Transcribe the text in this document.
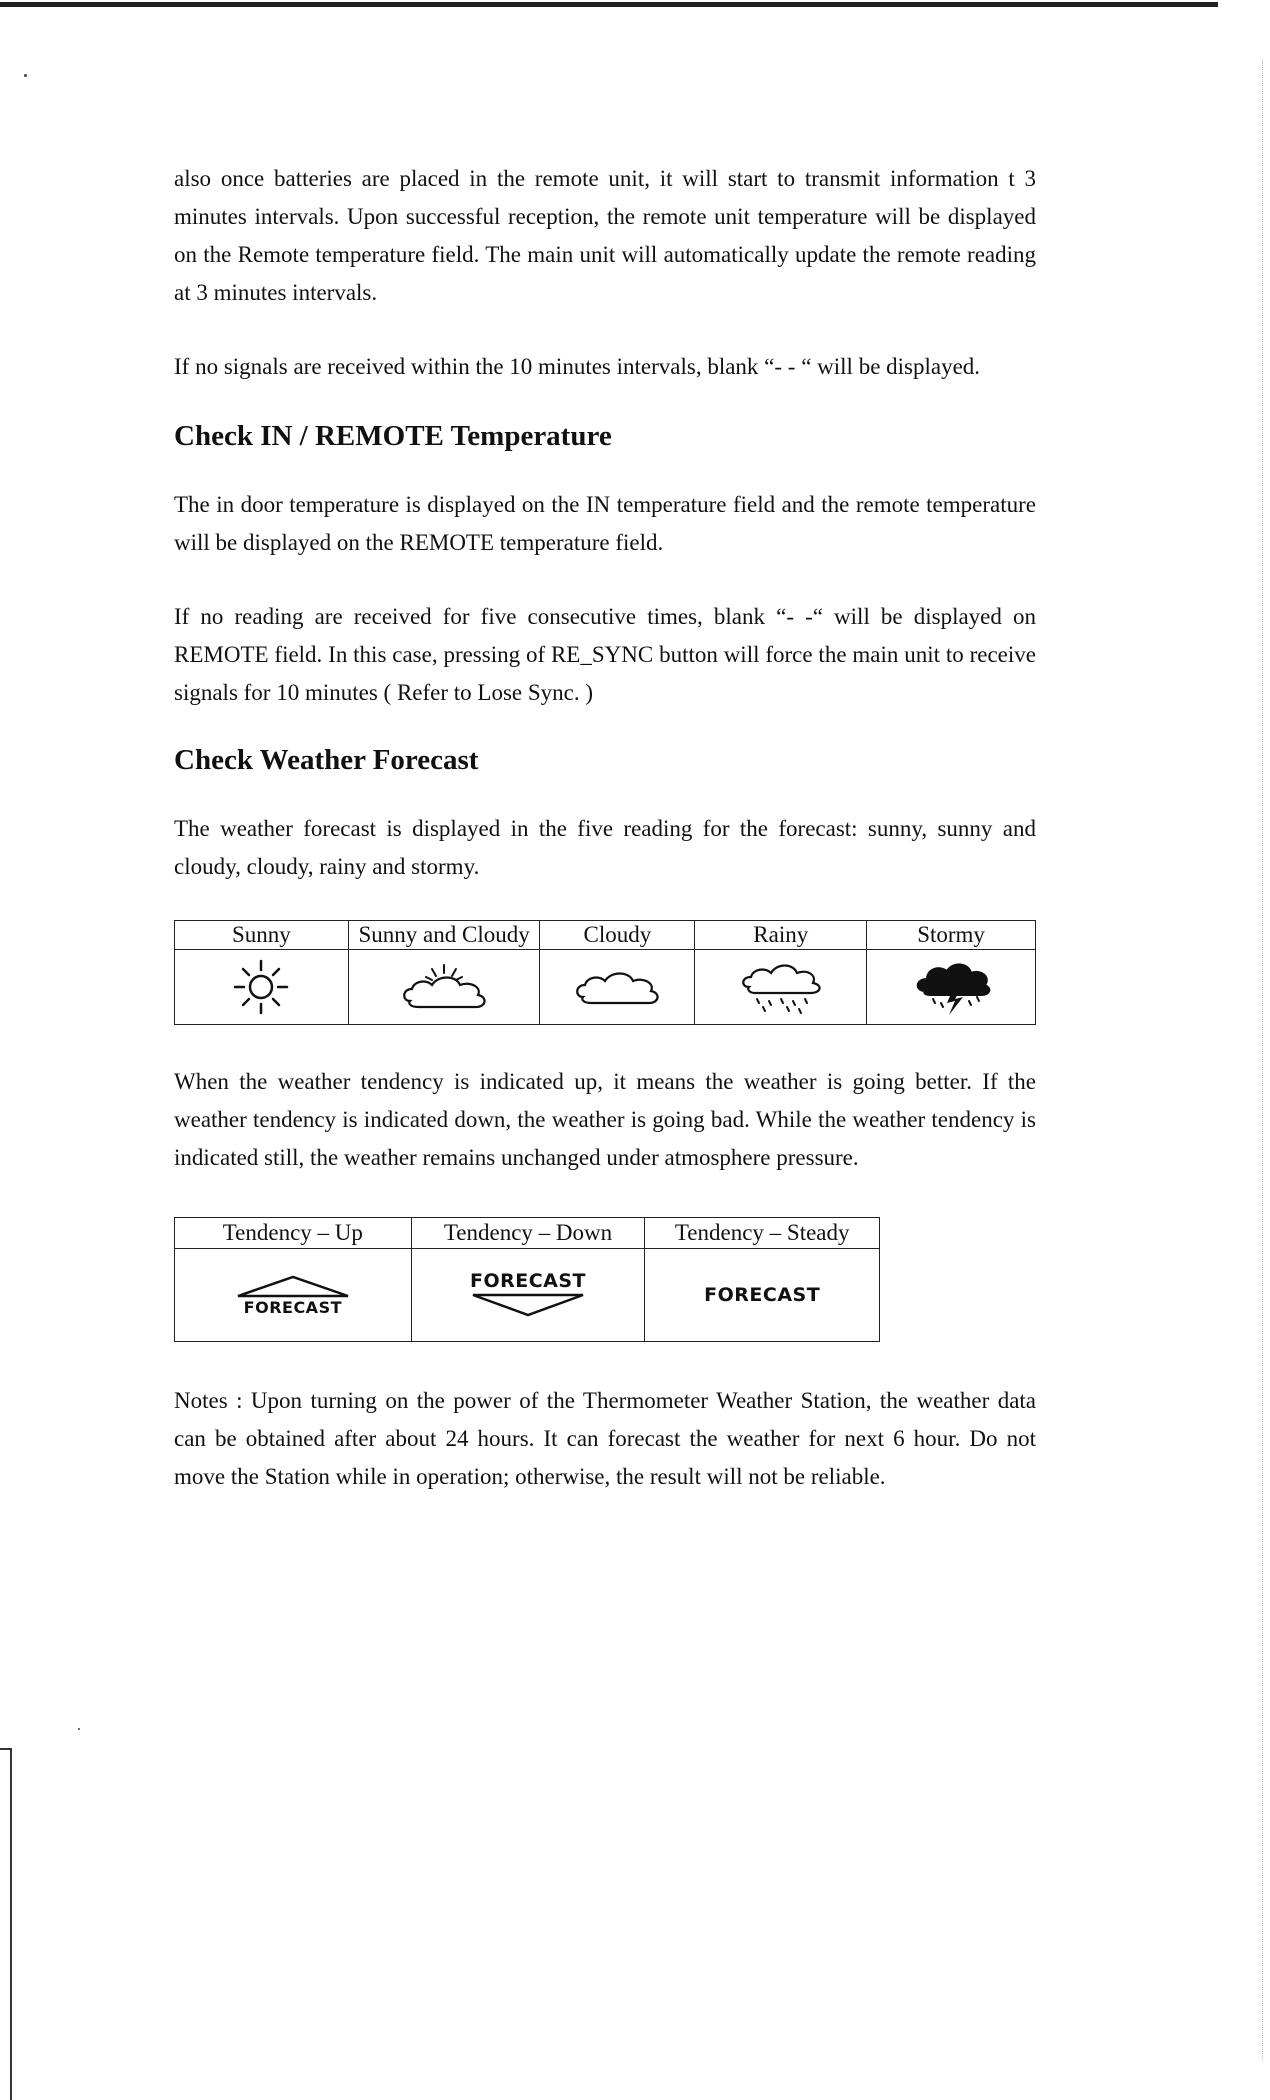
also once batteries are placed in the remote unit, it will start to transmit information t 3 minutes intervals. Upon successful reception, the remote unit temperature will be displayed on the Remote temperature field. The main unit will automatically update the remote reading at 3 minutes intervals.

If no signals are received within the 10 minutes intervals, blank “- - “ will be displayed.

Check IN / REMOTE Temperature

The in door temperature is displayed on the IN temperature field and the remote temperature will be displayed on the REMOTE temperature field.

If no reading are received for five consecutive times, blank “- -“ will be displayed on REMOTE field. In this case, pressing of RE_SYNC button will force the main unit to receive signals for 10 minutes ( Refer to Lose Sync. )

Check Weather Forecast

The weather forecast is displayed in the five reading for the forecast: sunny, sunny and cloudy, cloudy, rainy and stormy.

Sunny	Sunny and Cloudy	Cloudy	Rainy	Stormy

When the weather tendency is indicated up, it means the weather is going better. If the weather tendency is indicated down, the weather is going bad. While the weather tendency is indicated still, the weather remains unchanged under atmosphere pressure.

Tendency – Up	Tendency – Down	Tendency – Steady

FORECAST	FORECAST	FORECAST

Notes : Upon turning on the power of the Thermometer Weather Station, the weather data can be obtained after about 24 hours. It can forecast the weather for next 6 hour. Do not move the Station while in operation; otherwise, the result will not be reliable.
